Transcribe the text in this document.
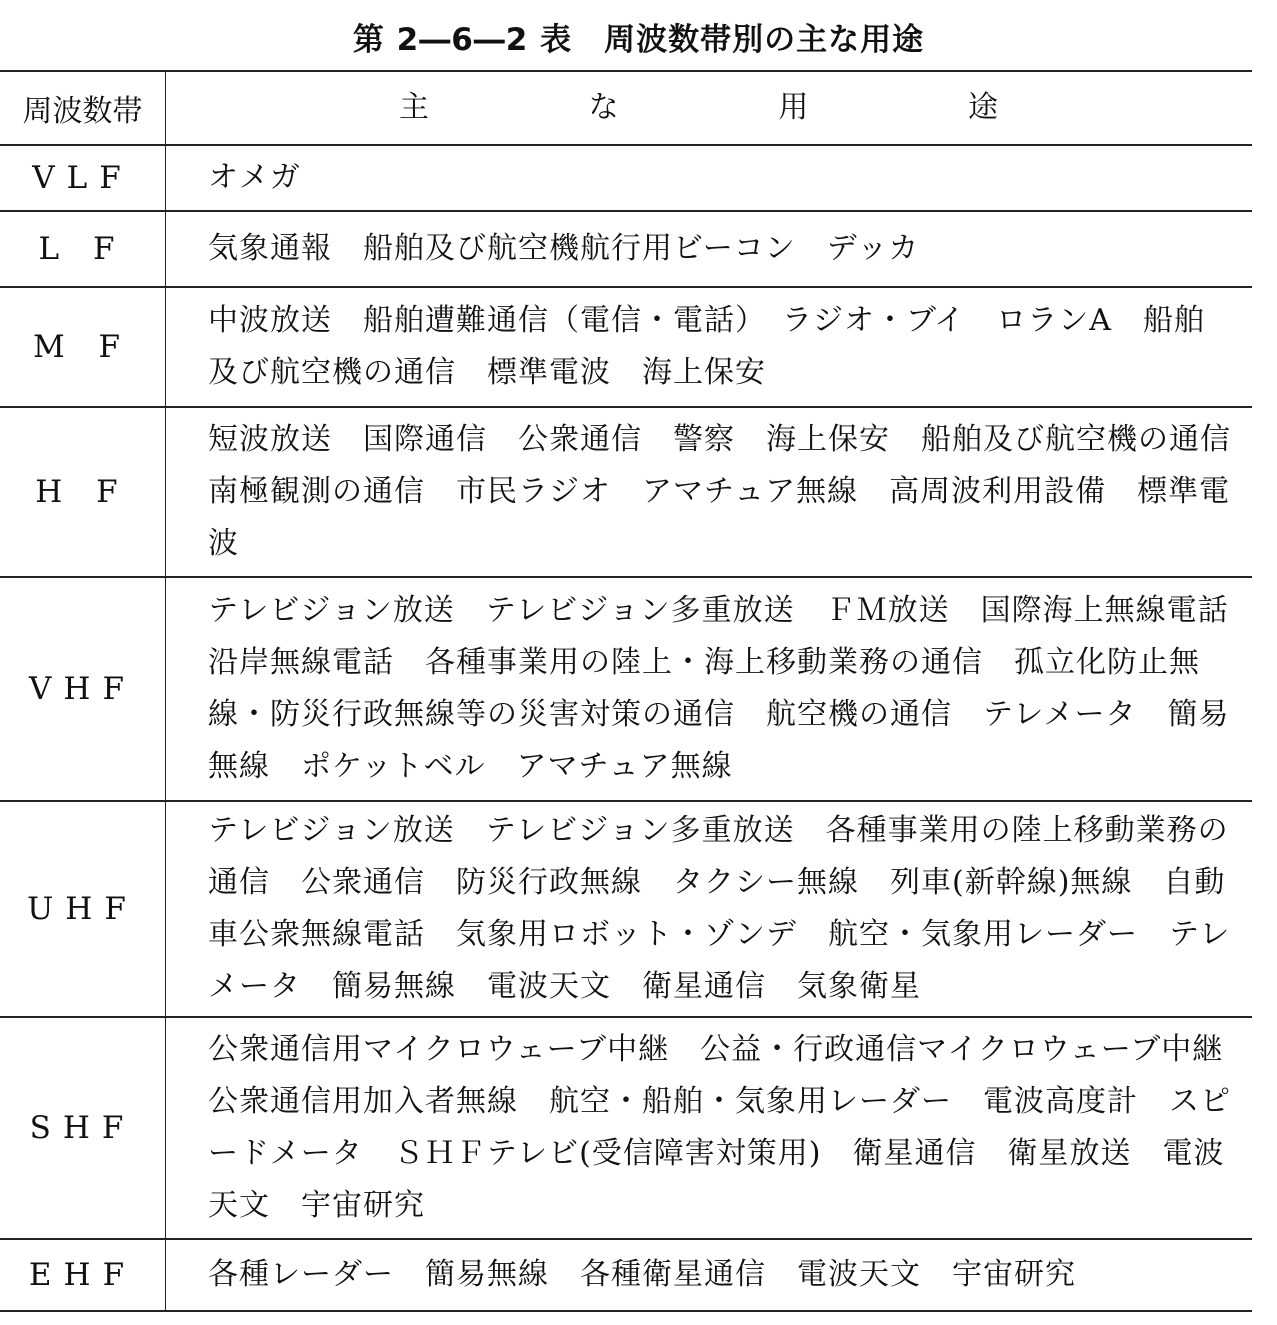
第 2―6―2 表　周波数帯別の主な用途
周波数帯	主 な 用 途

VLF	オメガ
L F	気象通報　船舶及び航空機航行用ビーコン　デッカ
M F	中波放送　船舶遭難通信（電信・電話）　ラジオ・ブイ　ロランA　船舶及び航空機の通信　標準電波　海上保安
H F	短波放送　国際通信　公衆通信　警察　海上保安　船舶及び航空機の通信　南極観測の通信　市民ラジオ　アマチュア無線　高周波利用設備　標準電波
VHF	テレビジョン放送　テレビジョン多重放送　ＦＭ放送　国際海上無線電話　沿岸無線電話　各種事業用の陸上・海上移動業務の通信　孤立化防止無線・防災行政無線等の災害対策の通信　航空機の通信　テレメータ　簡易無線　ポケットベル　アマチュア無線
UHF	テレビジョン放送　テレビジョン多重放送　各種事業用の陸上移動業務の通信　公衆通信　防災行政無線　タクシー無線　列車(新幹線)無線　自動車公衆無線電話　気象用ロボット・ゾンデ　航空・気象用レーダー　テレメータ　簡易無線　電波天文　衛星通信　気象衛星
SHF	公衆通信用マイクロウェーブ中継　公益・行政通信マイクロウェーブ中継　公衆通信用加入者無線　航空・船舶・気象用レーダー　電波高度計　スピードメータ　ＳＨＦテレビ(受信障害対策用)　衛星通信　衛星放送　電波天文　宇宙研究
EHF	各種レーダー　簡易無線　各種衛星通信　電波天文　宇宙研究
